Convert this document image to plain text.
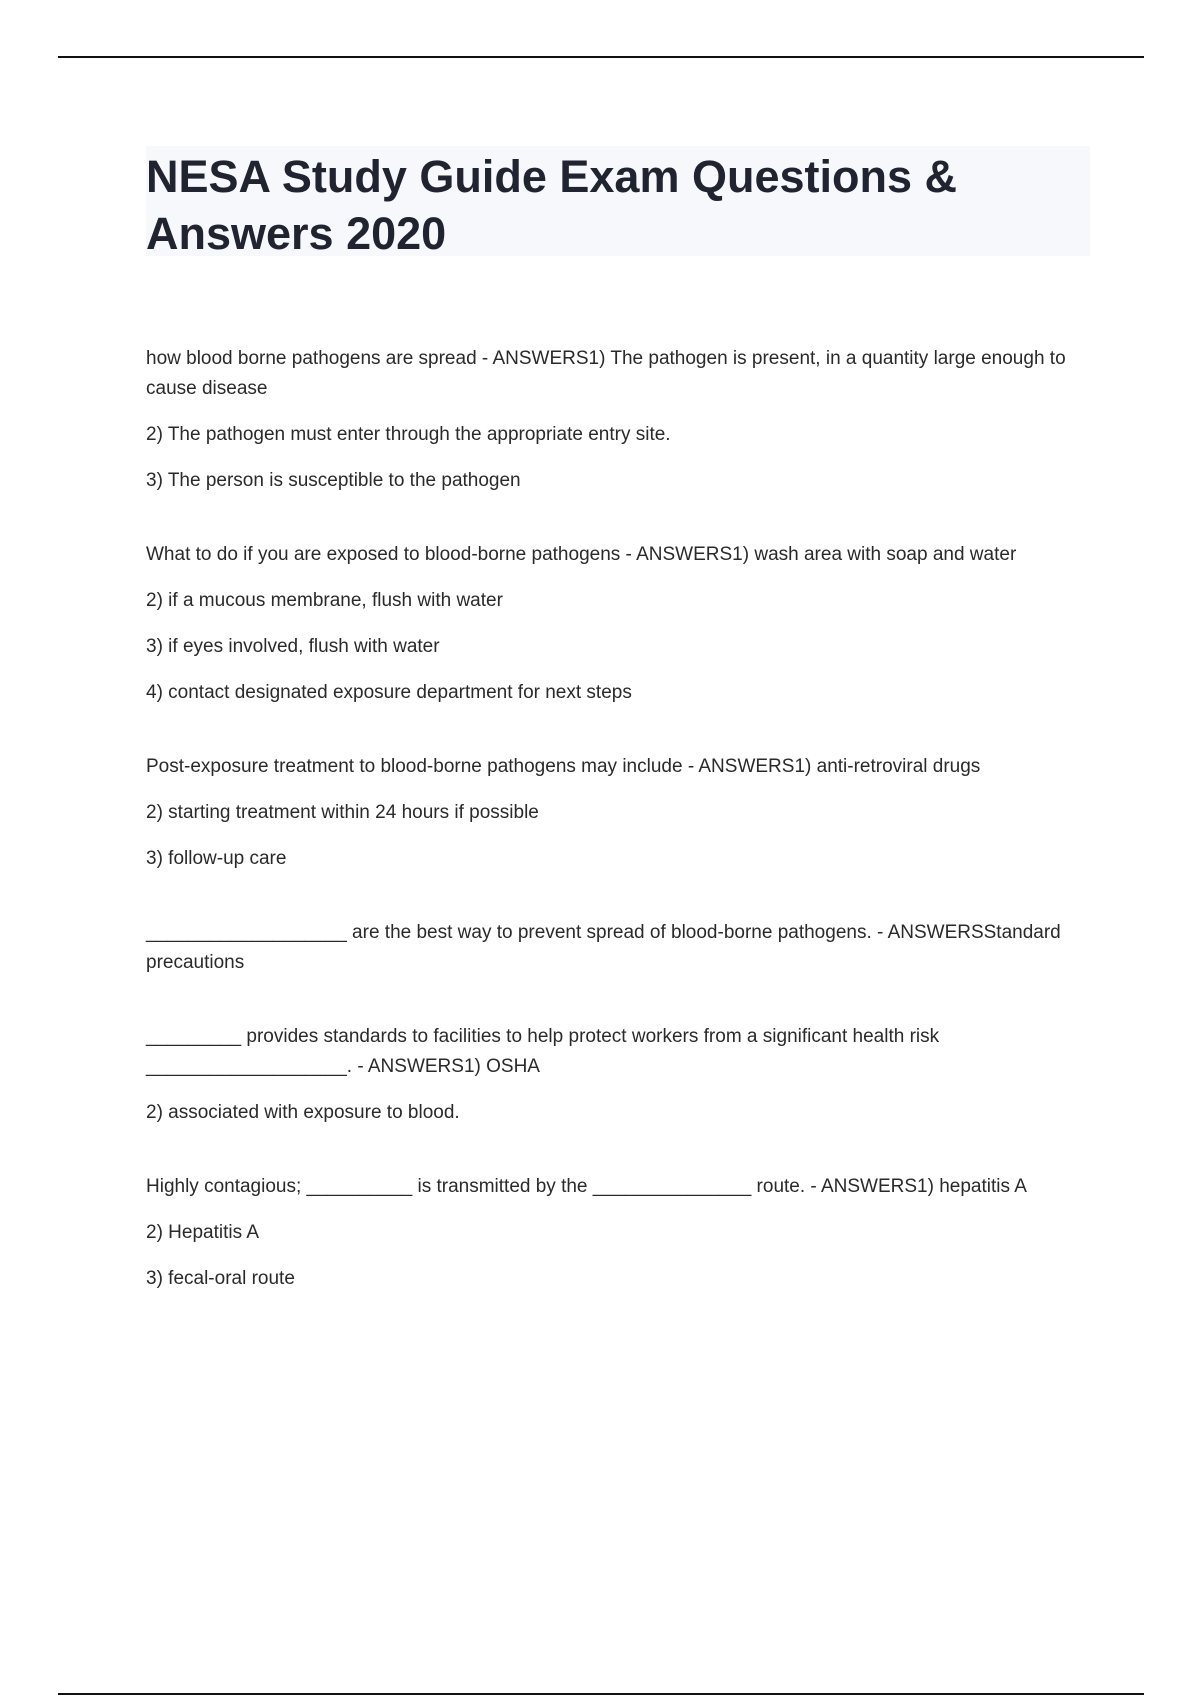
NESA Study Guide Exam Questions & Answers 2020

how blood borne pathogens are spread - ANSWERS1) The pathogen is present, in a quantity large enough to cause disease

2) The pathogen must enter through the appropriate entry site.

3) The person is susceptible to the pathogen

What to do if you are exposed to blood-borne pathogens - ANSWERS1) wash area with soap and water

2) if a mucous membrane, flush with water

3) if eyes involved, flush with water

4) contact designated exposure department for next steps

Post-exposure treatment to blood-borne pathogens may include - ANSWERS1) anti-retroviral drugs

2) starting treatment within 24 hours if possible

3) follow-up care

___________________ are the best way to prevent spread of blood-borne pathogens. - ANSWERSStandard precautions

_________ provides standards to facilities to help protect workers from a significant health risk ___________________. - ANSWERS1) OSHA

2) associated with exposure to blood.

Highly contagious; __________ is transmitted by the _______________ route. - ANSWERS1) hepatitis A

2) Hepatitis A

3) fecal-oral route
